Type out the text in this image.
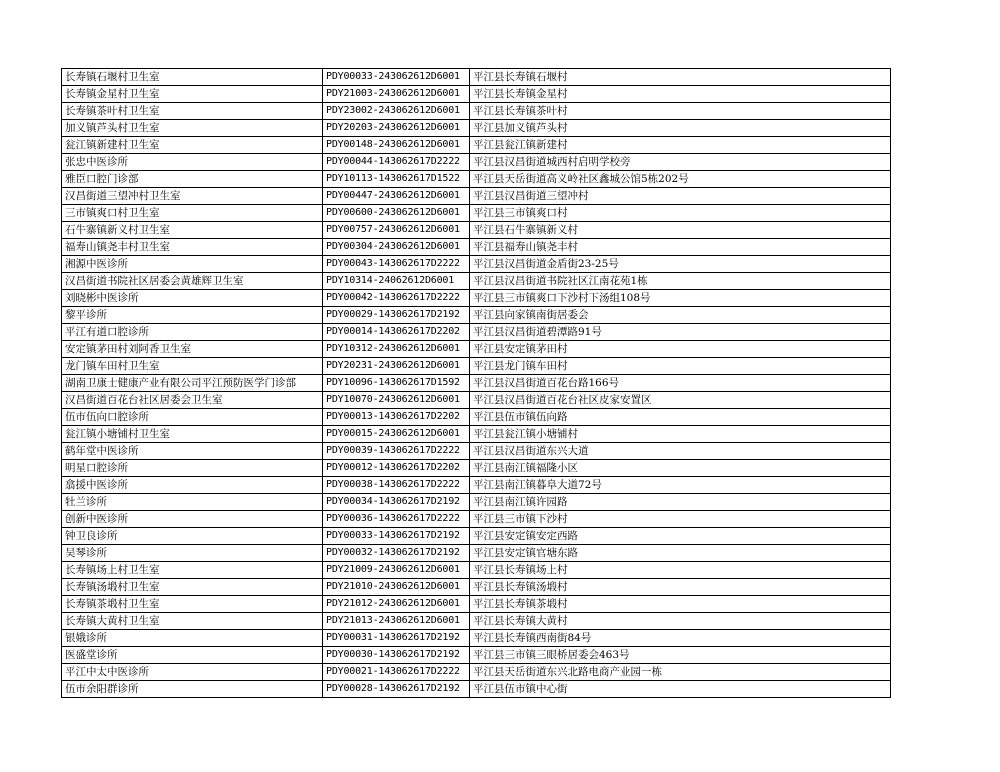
长寿镇石堰村卫生室	PDY00033-243062612D6001	平江县长寿镇石堰村
长寿镇金星村卫生室	PDY21003-243062612D6001	平江县长寿镇金星村
长寿镇茶叶村卫生室	PDY23002-243062612D6001	平江县长寿镇茶叶村
加义镇芦头村卫生室	PDY20203-243062612D6001	平江县加义镇芦头村
瓮江镇新建村卫生室	PDY00148-243062612D6001	平江县瓮江镇新建村
张忠中医诊所	PDY00044-143062617D2222	平江县汉昌街道城西村启明学校旁
雅臣口腔门诊部	PDY10113-143062617D1522	平江县天岳街道高义岭社区鑫城公馆5栋202号
汉昌街道三望冲村卫生室	PDY00447-243062612D6001	平江县汉昌街道三望冲村
三市镇爽口村卫生室	PDY00600-243062612D6001	平江县三市镇爽口村
石牛寨镇新义村卫生室	PDY00757-243062612D6001	平江县石牛寨镇新义村
福寿山镇尧丰村卫生室	PDY00304-243062612D6001	平江县福寿山镇尧丰村
湘源中医诊所	PDY00043-143062617D2222	平江县汉昌街道金盾街23-25号
汉昌街道书院社区居委会黄雄辉卫生室	PDY10314-24062612D6001	平江县汉昌街道书院社区江南花苑1栋
刘晓彬中医诊所	PDY00042-143062617D2222	平江县三市镇爽口下沙村下汤组108号
黎平诊所	PDY00029-143062617D2192	平江县向家镇南街居委会
平江有道口腔诊所	PDY00014-143062617D2202	平江县汉昌街道碧潭路91号
安定镇茅田村刘阿香卫生室	PDY10312-243062612D6001	平江县安定镇茅田村
龙门镇车田村卫生室	PDY20231-243062612D6001	平江县龙门镇车田村
湖南卫康士健康产业有限公司平江预防医学门诊部	PDY10096-143062617D1592	平江县汉昌街道百花台路166号
汉昌街道百花台社区居委会卫生室	PDY10070-243062612D6001	平江县汉昌街道百花台社区皮家安置区
伍市伍向口腔诊所	PDY00013-143062617D2202	平江县伍市镇伍向路
瓮江镇小塘铺村卫生室	PDY00015-243062612D6001	平江县瓮江镇小塘铺村
鹤年堂中医诊所	PDY00039-143062617D2222	平江县汉昌街道东兴大道
明星口腔诊所	PDY00012-143062617D2202	平江县南江镇福隆小区
翕援中医诊所	PDY00038-143062617D2222	平江县南江镇暮阜大道72号
牡兰诊所	PDY00034-143062617D2192	平江县南江镇许园路
创新中医诊所	PDY00036-143062617D2222	平江县三市镇下沙村
钟卫良诊所	PDY00033-143062617D2192	平江县安定镇安定西路
吴琴诊所	PDY00032-143062617D2192	平江县安定镇官塘东路
长寿镇场上村卫生室	PDY21009-243062612D6001	平江县长寿镇场上村
长寿镇汤塅村卫生室	PDY21010-243062612D6001	平江县长寿镇汤塅村
长寿镇茶塅村卫生室	PDY21012-243062612D6001	平江县长寿镇茶塅村
长寿镇大黄村卫生室	PDY21013-243062612D6001	平江县长寿镇大黄村
银娥诊所	PDY00031-143062617D2192	平江县长寿镇西南街84号
医盛堂诊所	PDY00030-143062617D2192	平江县三市镇三眼桥居委会463号
平江中太中医诊所	PDY00021-143062617D2222	平江县天岳街道东兴北路电商产业园一栋
伍市余阳群诊所	PDY00028-143062617D2192	平江县伍市镇中心街
